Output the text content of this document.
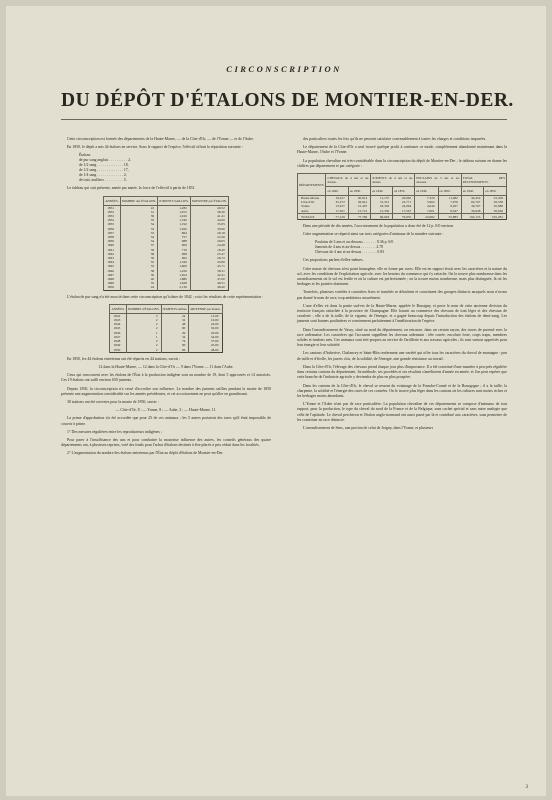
CIRCONSCRIPTION
DU DÉPÔT D'ÉTALONS DE MONTIER-EN-DER.

Cette circonscription est formée des départements de la Haute-Marne, — de la Côte-d'Or, — de l'Yonne — et de l'Aube.

En 1850, le dépôt a mis 44 étalons en service. Sous le rapport de l'espèce, l'effectif offrait la répartition suivante :

Étalons
de pur sang anglais . . . . . . . . . . 2,
de 1/2 sang . . . . . . . . . . . . . . 18,
de 1/2 sang . . . . . . . . . . . . . . 17,
de 1/4 sang . . . . . . . . . . . . . . 2,
de trait, mulliers . . . . . . . . . . 5.

Le tableau qui suit présente, année par année, la force de l'effectif à partir de 1831.

ANNÉES.	NOMBRE des ÉTALONS.	JUMENTS SAILLIES.	MOYENNE par ÉTALON.
1831	22	1,282	40.52
1832	31	1,072	38.30
1833	39	1,616	41.41
1834	35	1,540	44.00
1835	34	1,192	35.05
1836	33	1,020	30.90
1837	33	864	26.18
1838	34	757	22.26
1839	34	988	29.05
1840	37	906	24.48
1841	39	710	18.20
1842	38	968	25.47
1843	36	962	26.72
1844	35	1,526	43.60
1845	35	1,600	45.71
1846	38	1,456	38.31
1847	39	1,654	42.41
1848	40	1,880	47.00
1849	35	1,628	46.51
1850	44	2,130	48.40

L'étalon de pur sang n'a été associé dans cette circonscription qu'à dater de 1842 ; voici les résultats de cette expérimentation :

ANNÉES.	NOMBRE d'ÉTALONS.	JUMENTS saillies.	MOYENNE par étalon.
1842	2	24	12.00
1843	2	32	16.00
1844	2	48	24.00
1845	2	60	30.00
1846	1	29	29.00
1847	1	34	34.00
1848	2	74	37.00
1849	2	90	45.00
1850	2	96	48.00

En 1850, les 44 étalons entretenus ont été répartis en 44 stations, savoir :

12 dans la Haute-Marne, — 12 dans la Côte-d'Or — 9 dans l'Yonne — 11 dans l'Aube.

Ceux qui concourent avec les étalons de l'État à la production indigène sont au nombre de 19, dont 5 approuvés et 14 autorisés. Ces 19 étalons ont sailli environ 650 juments.

Depuis 1850, la circonscription n'a cessé d'accroître son influence. Le nombre des juments saillies pendant la monte de 1850 présente une augmentation considérable sur les années précédentes, et cet accroissement ne peut qu'aller en grandissant.

30 stations ont été ouvertes pour la monte de 1850, savoir :

— Côte-d'Or, 8 ; — Yonne, 8 ; — Aube, 3 ; — Haute-Marne, 11.

La prime d'approbation n'a été accordée que pour 25 de ces animaux ; les 5 autres portaient des tares qu'il était impossible de couvrir à prime.

1° Des mesures régulières entre les reproducteurs indigènes ;

Pour parer à l'insuffisance des uns et pour combattre la mauvaise influence des autres, les conseils généraux des quatre départements ont, à plusieurs reprises, voté des fonds pour l'achat d'étalons destinés à être placés à prix réduit dans les localités.

2° L'augmentation du nombre des étalons entretenus par l'État au dépôt d'étalons de Montier-en-Der.

des particuliers toutes les fois qu'ils ne peuvent satisfaire convenablement à toutes les charges et conditions imposées.

Le département de la Côte-d'Or a seul trouvé quelque profit à continuer ce mode, complètement abandonné maintenant dans la Haute-Marne, l'Aube et l'Yonne.

La population chevaline est très-considérable dans la circonscription du dépôt de Montier-en-Der ; le tableau suivant en donne les chiffres par département et par catégorie :

DÉPARTEMENTS.	CHEVAUX de 4 ans et au-dessus.		JUMENTS de 4 ans et au-dessus.		POULAINS de 3 ans et au-dessous.		TOTAL DES RECENSEMENTS.	
	en 1840.	en 1850.	en 1840.	en 1850.	en 1840.	en 1850.	en 1840.	en 1850.
Haute-Marne	16,017	20,914	11,137	20,065	7,320	11,482	44,454	52,459
Côte-d'Or	35,272	26,941	31,321	22,771	5,964	7,076	62,797	56,538
Yonne	13,917	15,407	18,330	24,094	4,040	9,207	36,767	50,089
Aube	17,021	15,712	15,336	17,597	7,601	8,047	36,948	36,636
TOTAUX	77,129	77,766	66,094	79,935	24,982	35,883	192,135	195,281

Dans une période de dix années, l'accroissement de la population a donc été de 12 p. 0/0 environ.

Cette augmentation se répartit ainsi sur trois catégories d'animaux de la manière suivante :

Poulains de 3 ans et au-dessous . . . . . . . 8.36 p. 0/0
Juments de 4 ans et au-dessus . . . . . . . . 2.78
Chevaux de 4 ans et au-dessus . . . . . . . . 0.83

Ces proportions parlent d'elles-mêmes.

Cette masse de chevaux n'est point homogène, elle se forme par races. Elle est en rapport étroit avec les caractères et la nature du sol, avec les conditions de l'exploitation agricole, avec les besoins du commerce qui s'y rattache. On la trouve plus nombreuse dans les arrondissements où le sol est fertile et où la culture est perfectionnée ; on la trouve moins nombreuse, mais plus distinguée, là où les herbages et les prairies dominent.

Toutefois, plusieurs variétés à caractères fixes et tranchés se détachent et constituent des groupes distincts auxquels nous n'avons pas donné le nom de race, trop ambitieux assurément.

L'une d'elles vit dans la partie sud-est de la Haute-Marne, appelée le Bassigny, et porte le nom de cette ancienne division du territoire français rattachée à la province de Champagne. Elle fournit au commerce des chevaux de trait léger et des chevaux de cavalerie ; elle a de la taille, de la vigueur, de l'énergie, et a gagné beaucoup depuis l'introduction des étalons de demi-sang. Les juments sont bonnes poulinières et conviennent parfaitement à l'amélioration de l'espèce.

Dans l'arrondissement de Vassy, situé au nord du département, on retrouve, dans un certain rayon, des traces de parenté avec la race ardennaise. Les caractères qui l'accusent rappellent les chevaux ardennais : tête carrée, encolure forte, corps trapu, membres solides et tendons nets. Ces animaux sont très-propres au service de l'artillerie et aux travaux agricoles ; ils sont surtout appréciés pour leur énergie et leur sobriété.

Les cantons d'Auberive, Chalancey et Saint-Blin renferment une variété qui offre tous les caractères du cheval de montagne : peu de taille et d'étoffe, les jarrets clos, de la solidité, de l'énergie, une grande résistance au travail.

Dans la Côte-d'Or, l'élevage des chevaux prend chaque jour plus d'importance. Il a été constitué d'une manière à peu près régulière dans certains cantons du département. Sa méthode, ses procédés et ses résultats s'améliorent d'année en année, et l'on peut espérer que cette branche de l'industrie agricole y deviendra de plus en plus prospère.

Dans les cantons de la Côte-d'Or, le cheval se ressent du voisinage de la Franche-Comté et de la Bourgogne ; il a la taille, la charpente, la solidité et l'énergie des races de ces contrées. On le trouve plus léger dans les cantons où les cultures sont moins riches et les herbages moins abondants.

L'Yonne et l'Aube n'ont pas de race particulière. La population chevaline de ces départements se compose d'animaux de tout rapport, pour la production, le type du cheval du nord de la France et de la Belgique, sans cachet spécial et sans autre analogie que celle de l'aptitude. Le cheval percheron et l'étalon anglo-normand ont aussi passé par là et contribué aux caractères, sans permettre de les constituer en race distincte.

L'arrondissement de Sens, une portion de celui de Joigny, dans l'Yonne, et plusieurs

3
